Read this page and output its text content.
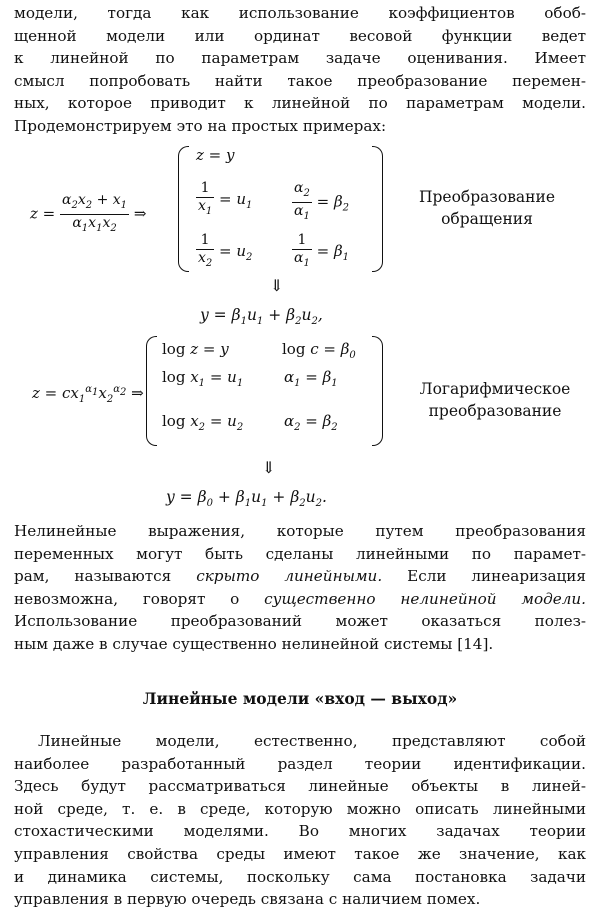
модели, тогда как использование коэффициентов обоб-
щенной модели или ординат весовой функции ведет
к линейной по параметрам задаче оценивания. Имеет
смысл попробовать найти такое преобразование перемен-
ных, которое приводит к линейной по параметрам модели.
Продемонстрируем это на простых примерах:
$z = \frac{\alpha_2x_2 + x_1}{\alpha_1x_1x_2}$ ⇒
z = y
$\frac{1}{x_1} = u_1$	$\frac{\alpha_2}{\alpha_1} = \beta_2$
$\frac{1}{x_2} = u_2$	$\frac{1}{\alpha_1} = \beta_1$
Преобразование
обращения
⇓
$y = \beta_1u_1 + \beta_2u_2$,
$z = cx_1^{\alpha_1}x_2^{\alpha_2}$ ⇒
log z = y	$\log c = \beta_0$
$\log x_1 = u_1$	$\alpha_1 = \beta_1$
$\log x_2 = u_2$	$\alpha_2 = \beta_2$
Логарифмическое
преобразование
⇓
$y = \beta_0 + \beta_1u_1 + \beta_2u_2$.
Нелинейные выражения, которые путем преобразования
переменных могут быть сделаны линейными по парамет-
рам, называются скрыто линейными. Если линеаризация
невозможна, говорят о существенно нелинейной модели.
Использование преобразований может оказаться полез-
ным даже в случае существенно нелинейной системы [14].
Линейные модели «вход — выход»
Линейные модели, естественно, представляют собой
наиболее разработанный раздел теории идентификации.
Здесь будут рассматриваться линейные объекты в линей-
ной среде, т. е. в среде, которую можно описать линейными
стохастическими моделями. Во многих задачах теории
управления свойства среды имеют такое же значение, как
и динамика системы, поскольку сама постановка задачи
управления в первую очередь связана с наличием помех.
